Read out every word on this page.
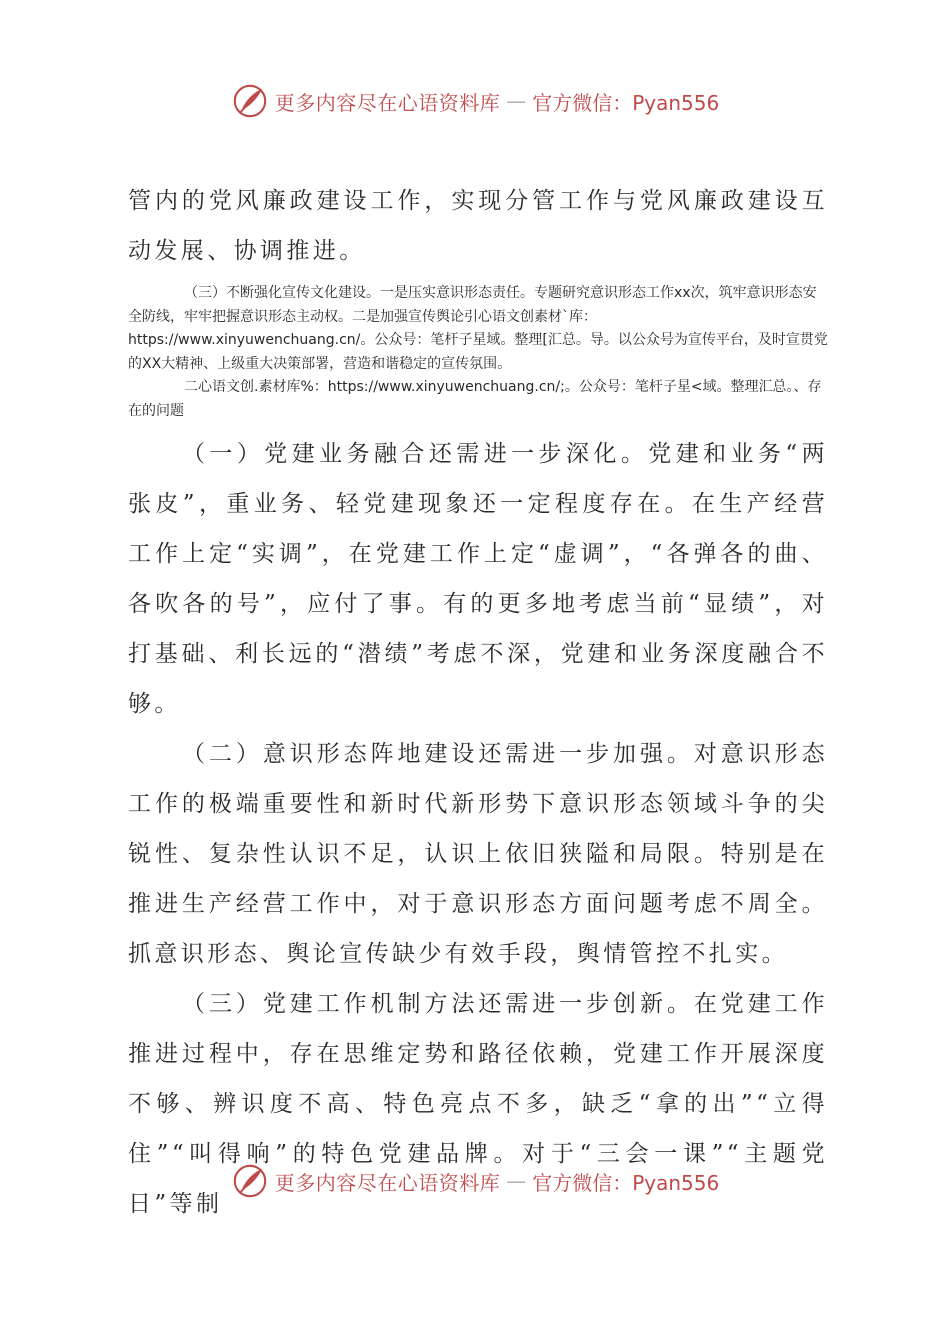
更多内容尽在心语资料库 — 官方微信：Pyan556

管内的党风廉政建设工作，实现分管工作与党风廉政建设互动发展、协调推进。

（三）不断强化宣传文化建设。一是压实意识形态责任。专题研究意识形态工作xx次，筑牢意识形态安全防线，牢牢把握意识形态主动权。二是加强宣传舆论引心语文创素材`库：https://www.xinyuwenchuang.cn/。公众号：笔杆子星域。整理[汇总。导。以公众号为宣传平台，及时宣贯党的XX大精神、上级重大决策部署，营造和谐稳定的宣传氛围。

二心语文创.素材库%：https://www.xinyuwenchuang.cn/;。公众号：笔杆子星<域。整理汇总。、存在的问题

（一）党建业务融合还需进一步深化。党建和业务“两张皮”，重业务、轻党建现象还一定程度存在。在生产经营工作上定“实调”，在党建工作上定“虚调”，“各弹各的曲、各吹各的号”，应付了事。有的更多地考虑当前“显绩”，对打基础、利长远的“潜绩”考虑不深，党建和业务深度融合不够。

（二）意识形态阵地建设还需进一步加强。对意识形态工作的极端重要性和新时代新形势下意识形态领域斗争的尖锐性、复杂性认识不足，认识上依旧狭隘和局限。特别是在推进生产经营工作中，对于意识形态方面问题考虑不周全。抓意识形态、舆论宣传缺少有效手段，舆情管控不扎实。

（三）党建工作机制方法还需进一步创新。在党建工作推进过程中，存在思维定势和路径依赖，党建工作开展深度不够、辨识度不高、特色亮点不多，缺乏“拿的出”“立得住”“叫得响”的特色党建品牌。对于“三会一课”“主题党日”等制

更多内容尽在心语资料库 — 官方微信：Pyan556
